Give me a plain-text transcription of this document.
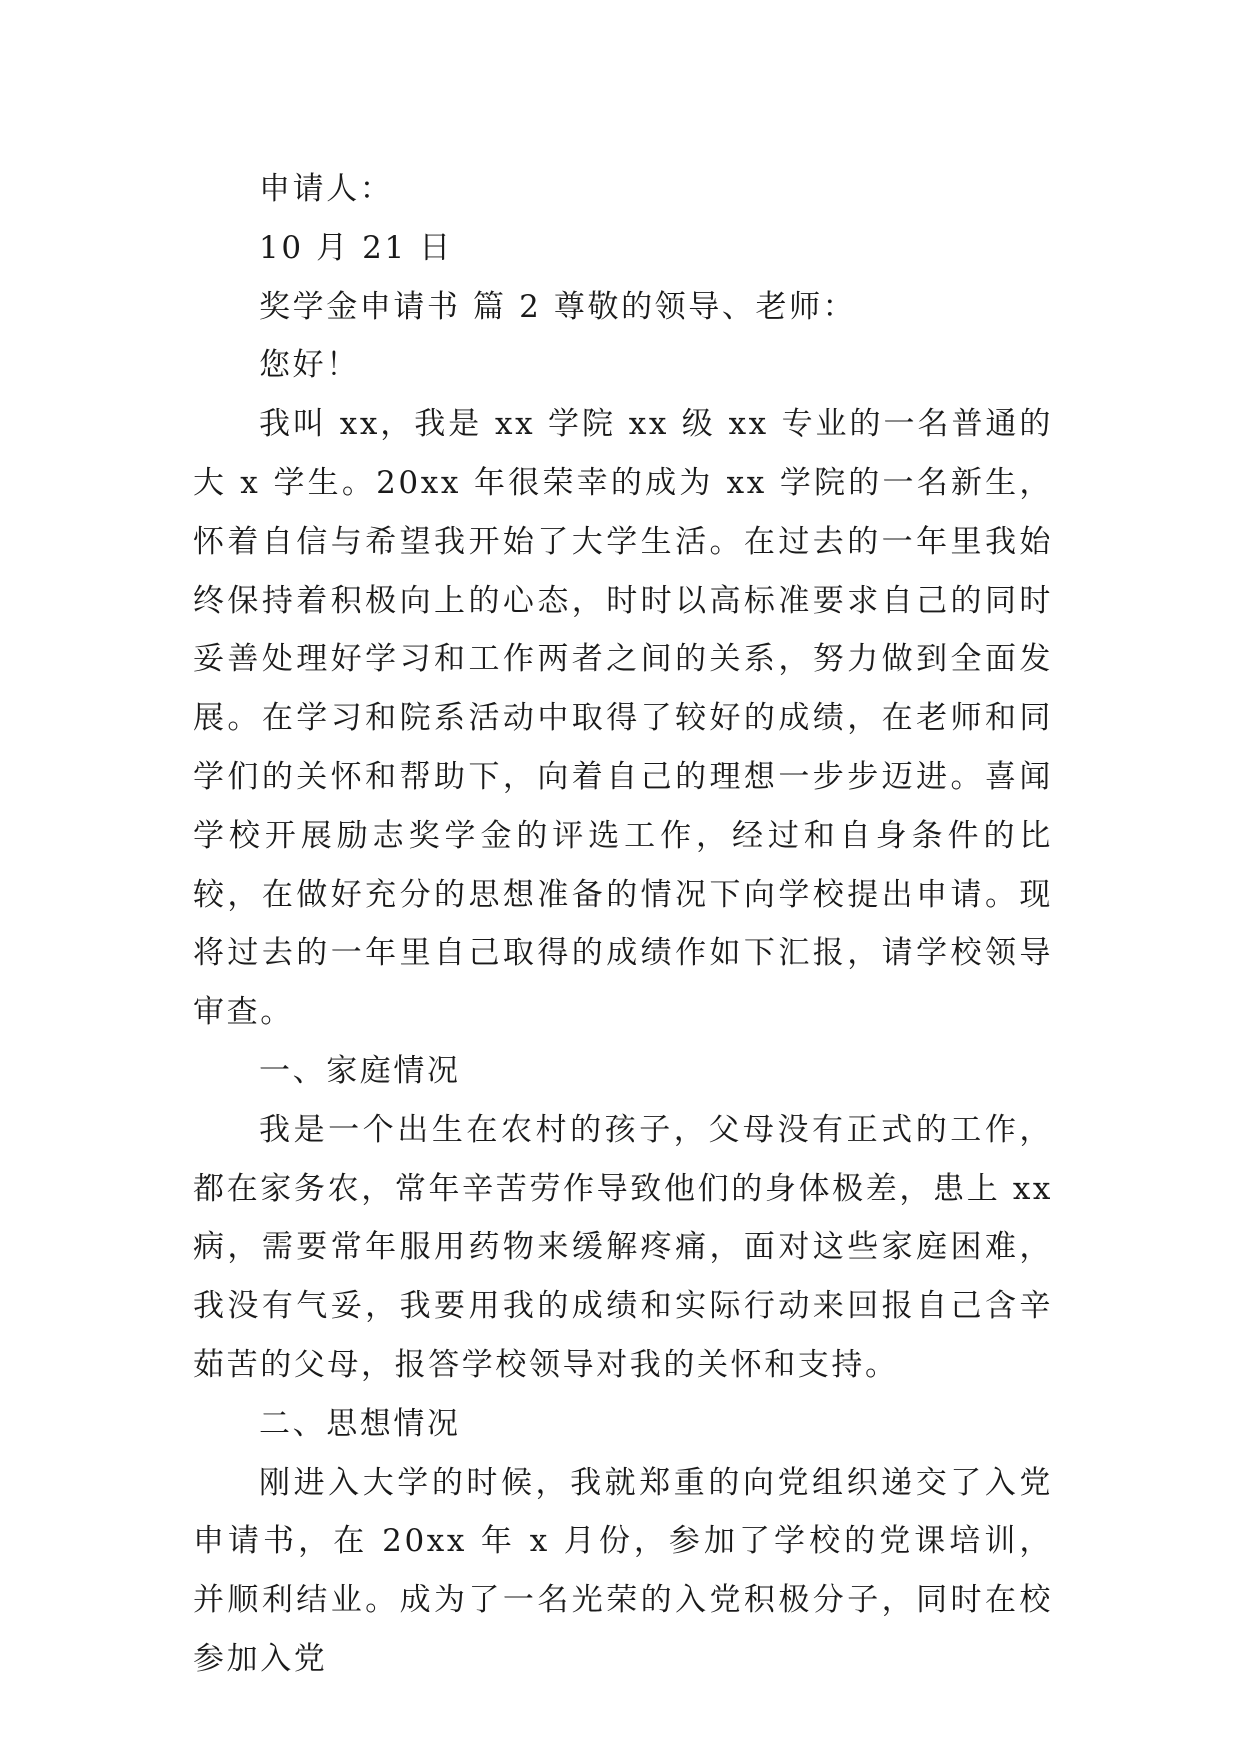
申请人：

10 月 21 日

奖学金申请书 篇 2 尊敬的领导、老师：

您好！

我叫 xx，我是 xx 学院 xx 级 xx 专业的一名普通的大 x 学生。20xx 年很荣幸的成为 xx 学院的一名新生，怀着自信与希望我开始了大学生活。在过去的一年里我始终保持着积极向上的心态，时时以高标准要求自己的同时妥善处理好学习和工作两者之间的关系，努力做到全面发展。在学习和院系活动中取得了较好的成绩，在老师和同学们的关怀和帮助下，向着自己的理想一步步迈进。喜闻学校开展励志奖学金的评选工作，经过和自身条件的比较，在做好充分的思想准备的情况下向学校提出申请。现将过去的一年里自己取得的成绩作如下汇报，请学校领导审查。

一、家庭情况

我是一个出生在农村的孩子，父母没有正式的工作，都在家务农，常年辛苦劳作导致他们的身体极差，患上 xx 病，需要常年服用药物来缓解疼痛，面对这些家庭困难，我没有气妥，我要用我的成绩和实际行动来回报自己含辛茹苦的父母，报答学校领导对我的关怀和支持。

二、思想情况

刚进入大学的时候，我就郑重的向党组织递交了入党申请书，在 20xx 年 x 月份，参加了学校的党课培训，并顺利结业。成为了一名光荣的入党积极分子，同时在校参加入党
